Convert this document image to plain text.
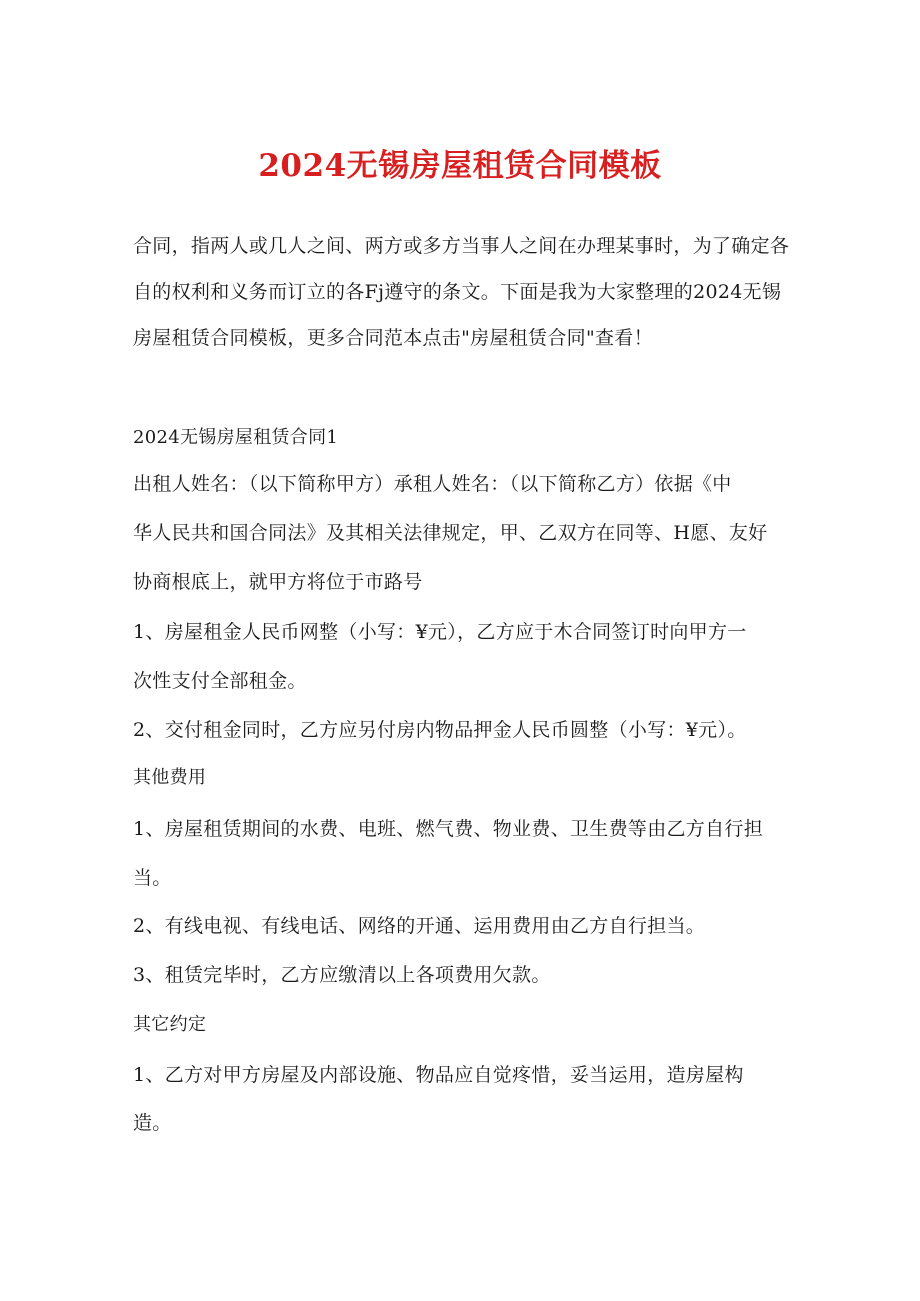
2024无锡房屋租赁合同模板
合同，指两人或几人之间、两方或多方当事人之间在办理某事时，为了确定各自的权利和义务而订立的各Fj遵守的条文。下面是我为大家整理的2024无锡房屋租赁合同模板，更多合同范本点击"房屋租赁合同"查看！
2024无锡房屋租赁合同1
出租人姓名：（以下简称甲方）承租人姓名：（以下简称乙方）依据《中
华人民共和国合同法》及其相关法律规定，甲、乙双方在同等、H愿、友好
协商根底上，就甲方将位于市路号
1、房屋租金人民币网整（小写：¥元），乙方应于木合同签订时向甲方一
次性支付全部租金。
2、交付租金同时，乙方应另付房内物品押金人民币圆整（小写：¥元）。
其他费用
1、房屋租赁期间的水费、电班、燃气费、物业费、卫生费等由乙方自行担
当。
2、有线电视、有线电话、网络的开通、运用费用由乙方自行担当。
3、租赁完毕时，乙方应缴清以上各项费用欠款。
其它约定
1、乙方对甲方房屋及内部设施、物品应自觉疼惜，妥当运用，造房屋构
造。
